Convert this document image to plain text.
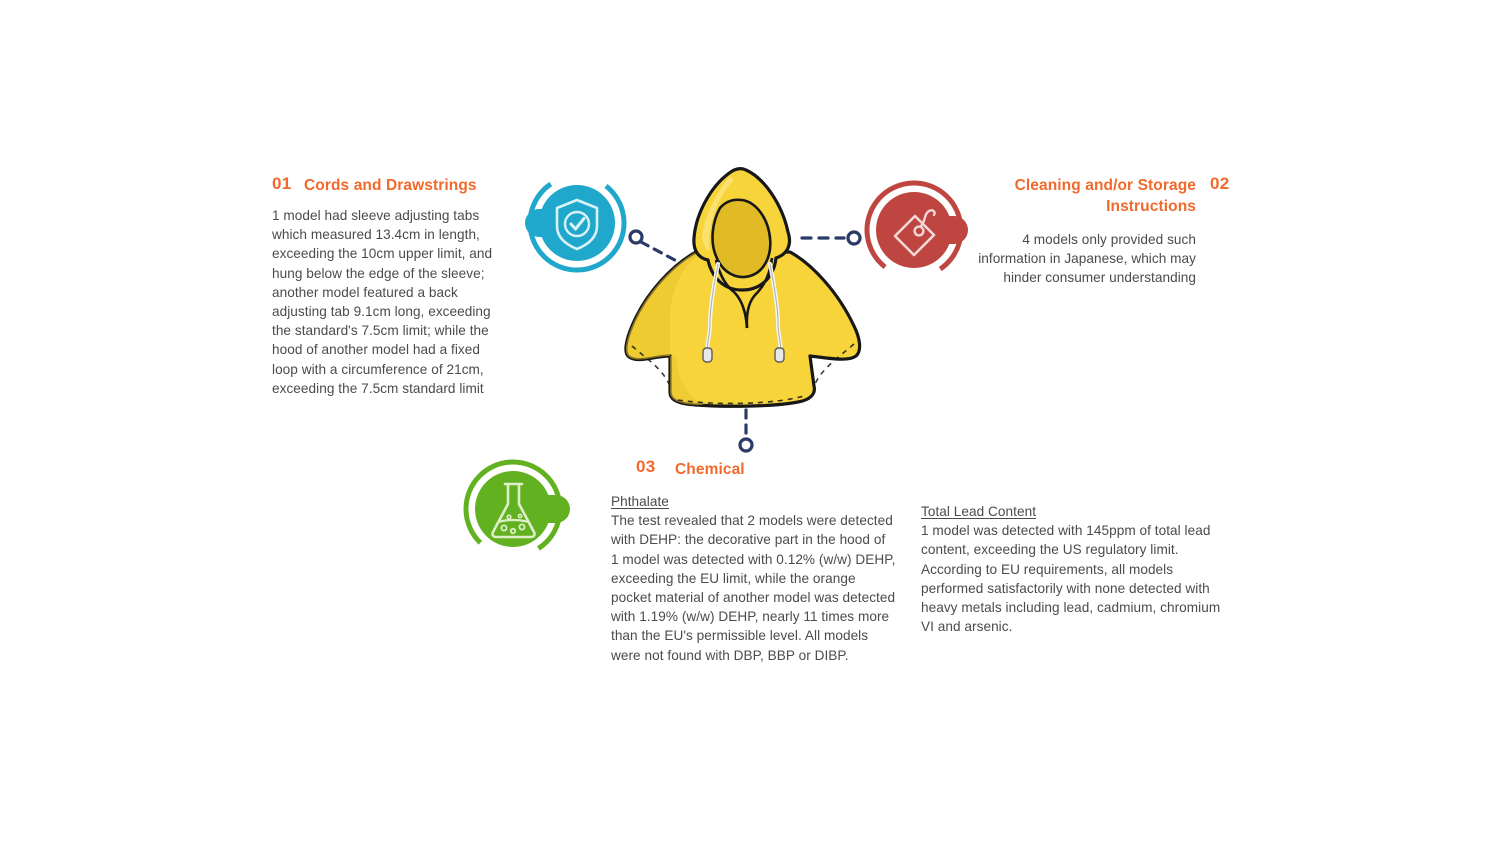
01 Cords and Drawstrings
1 model had sleeve adjusting tabs which measured 13.4cm in length, exceeding the 10cm upper limit, and hung below the edge of the sleeve; another model featured a back adjusting tab 9.1cm long, exceeding the standard's 7.5cm limit; while the hood of another model had a fixed loop with a circumference of 21cm, exceeding the 7.5cm standard limit
02
Cleaning and/or Storage
Instructions
4 models only provided such information in Japanese, which may hinder consumer understanding
03 Chemical
Phthalate
The test revealed that 2 models were detected with DEHP: the decorative part in the hood of 1 model was detected with 0.12% (w/w) DEHP, exceeding the EU limit, while the orange pocket material of another model was detected with 1.19% (w/w) DEHP, nearly 11 times more than the EU's permissible level. All models were not found with DBP, BBP or DIBP.
Total Lead Content
1 model was detected with 145ppm of total lead content, exceeding the US regulatory limit. According to EU requirements, all models performed satisfactorily with none detected with heavy metals including lead, cadmium, chromium VI and arsenic.
